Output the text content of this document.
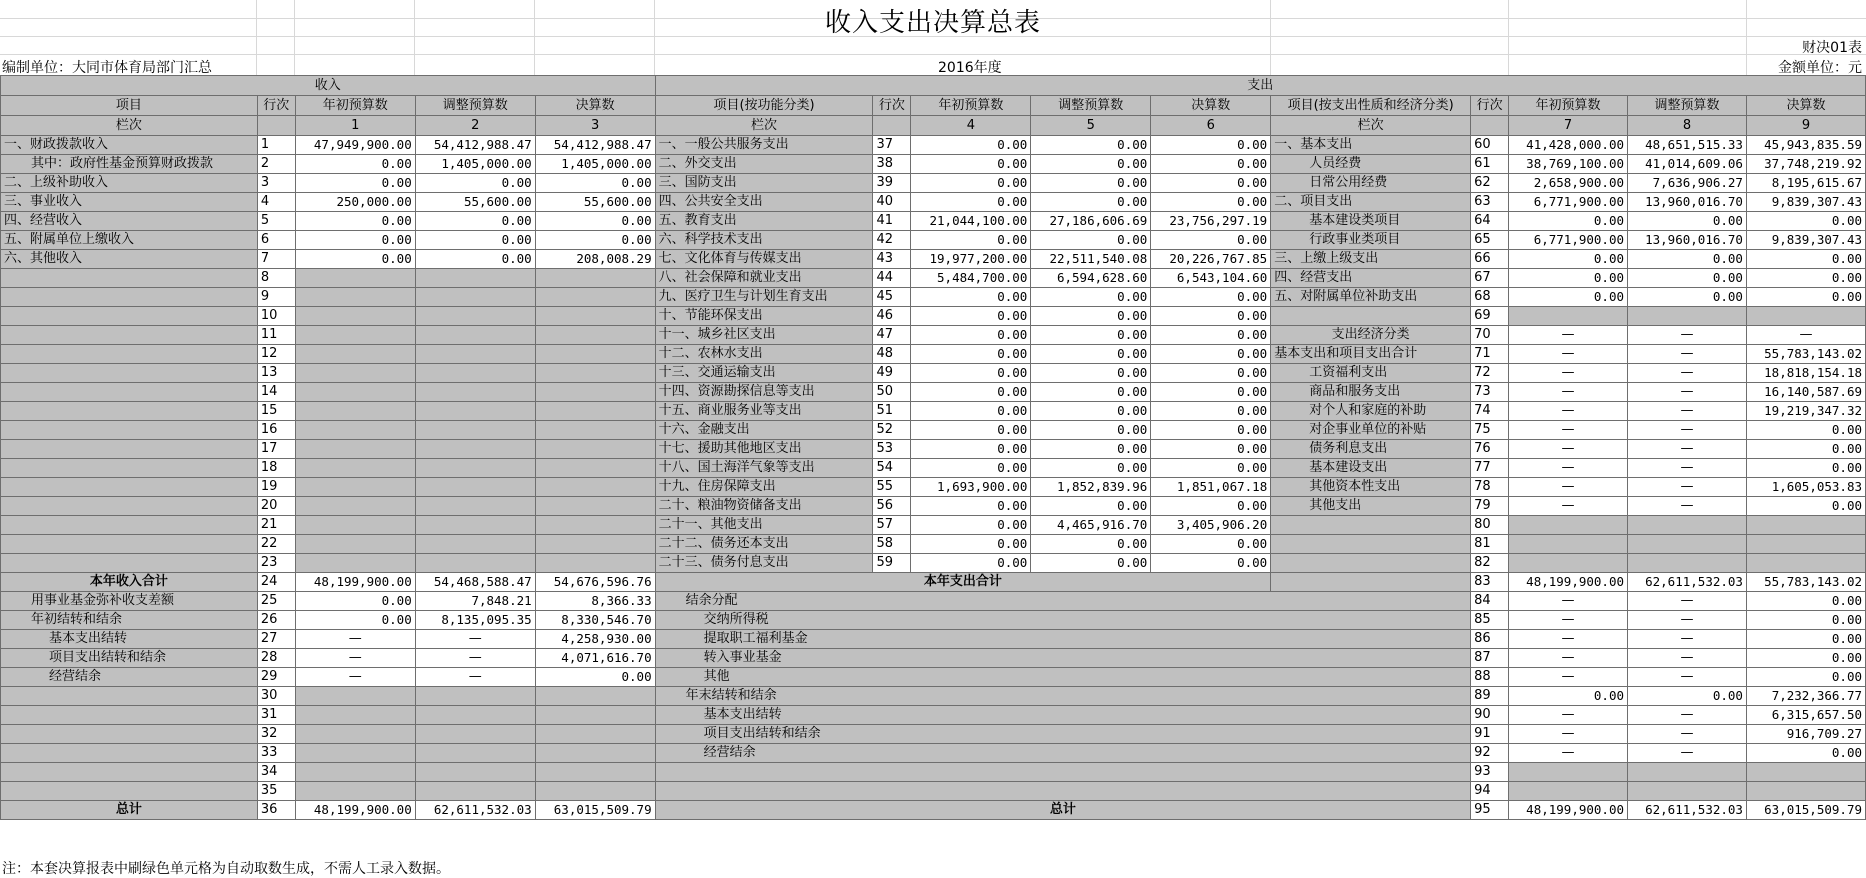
收入支出决算总表
财决01表
编制单位：大同市体育局部门汇总	2016年度	金额单位：元
收入					支出									
项目	行次	年初预算数	调整预算数	决算数	项目(按功能分类)	行次	年初预算数	调整预算数	决算数	项目(按支出性质和经济分类)	行次	年初预算数	调整预算数	决算数
栏次		1	2	3	栏次		4	5	6	栏次		7	8	9
一、财政拨款收入	1	47,949,900.00	54,412,988.47	54,412,988.47	一、一般公共服务支出	37	0.00	0.00	0.00	一、基本支出	60	41,428,000.00	48,651,515.33	45,943,835.59
其中：政府性基金预算财政拨款	2	0.00	1,405,000.00	1,405,000.00	二、外交支出	38	0.00	0.00	0.00	人员经费	61	38,769,100.00	41,014,609.06	37,748,219.92
二、上级补助收入	3	0.00	0.00	0.00	三、国防支出	39	0.00	0.00	0.00	日常公用经费	62	2,658,900.00	7,636,906.27	8,195,615.67
三、事业收入	4	250,000.00	55,600.00	55,600.00	四、公共安全支出	40	0.00	0.00	0.00	二、项目支出	63	6,771,900.00	13,960,016.70	9,839,307.43
四、经营收入	5	0.00	0.00	0.00	五、教育支出	41	21,044,100.00	27,186,606.69	23,756,297.19	基本建设类项目	64	0.00	0.00	0.00
五、附属单位上缴收入	6	0.00	0.00	0.00	六、科学技术支出	42	0.00	0.00	0.00	行政事业类项目	65	6,771,900.00	13,960,016.70	9,839,307.43
六、其他收入	7	0.00	0.00	208,008.29	七、文化体育与传媒支出	43	19,977,200.00	22,511,540.08	20,226,767.85	三、上缴上级支出	66	0.00	0.00	0.00
	8				八、社会保障和就业支出	44	5,484,700.00	6,594,628.60	6,543,104.60	四、经营支出	67	0.00	0.00	0.00
	9				九、医疗卫生与计划生育支出	45	0.00	0.00	0.00	五、对附属单位补助支出	68	0.00	0.00	0.00
	10				十、节能环保支出	46	0.00	0.00	0.00		69			
	11				十一、城乡社区支出	47	0.00	0.00	0.00	支出经济分类	70	—	—	—
	12				十二、农林水支出	48	0.00	0.00	0.00	基本支出和项目支出合计	71	—	—	55,783,143.02
	13				十三、交通运输支出	49	0.00	0.00	0.00	工资福利支出	72	—	—	18,818,154.18
	14				十四、资源勘探信息等支出	50	0.00	0.00	0.00	商品和服务支出	73	—	—	16,140,587.69
	15				十五、商业服务业等支出	51	0.00	0.00	0.00	对个人和家庭的补助	74	—	—	19,219,347.32
	16				十六、金融支出	52	0.00	0.00	0.00	对企事业单位的补贴	75	—	—	0.00
	17				十七、援助其他地区支出	53	0.00	0.00	0.00	债务利息支出	76	—	—	0.00
	18				十八、国土海洋气象等支出	54	0.00	0.00	0.00	基本建设支出	77	—	—	0.00
	19				十九、住房保障支出	55	1,693,900.00	1,852,839.96	1,851,067.18	其他资本性支出	78	—	—	1,605,053.83
	20				二十、粮油物资储备支出	56	0.00	0.00	0.00	其他支出	79	—	—	0.00
	21				二十一、其他支出	57	0.00	4,465,916.70	3,405,906.20		80			
	22				二十二、债务还本支出	58	0.00	0.00	0.00		81			
	23				二十三、债务付息支出	59	0.00	0.00	0.00		82			
本年收入合计	24	48,199,900.00	54,468,588.47	54,676,596.76	本年支出合计						83	48,199,900.00	62,611,532.03	55,783,143.02
用事业基金弥补收支差额	25	0.00	7,848.21	8,366.33	结余分配						84	—	—	0.00
年初结转和结余	26	0.00	8,135,095.35	8,330,546.70	交纳所得税						85	—	—	0.00
基本支出结转	27	—	—	4,258,930.00	提取职工福利基金						86	—	—	0.00
项目支出结转和结余	28	—	—	4,071,616.70	转入事业基金						87	—	—	0.00
经营结余	29	—	—	0.00	其他						88	—	—	0.00
	30				年末结转和结余						89	0.00	0.00	7,232,366.77
	31				基本支出结转						90	—	—	6,315,657.50
	32				项目支出结转和结余						91	—	—	916,709.27
	33				经营结余						92	—	—	0.00
	34										93			
	35										94			
总计	36	48,199,900.00	62,611,532.03	63,015,509.79	总计						95	48,199,900.00	62,611,532.03	63,015,509.79
注：本套决算报表中刷绿色单元格为自动取数生成，不需人工录入数据。
